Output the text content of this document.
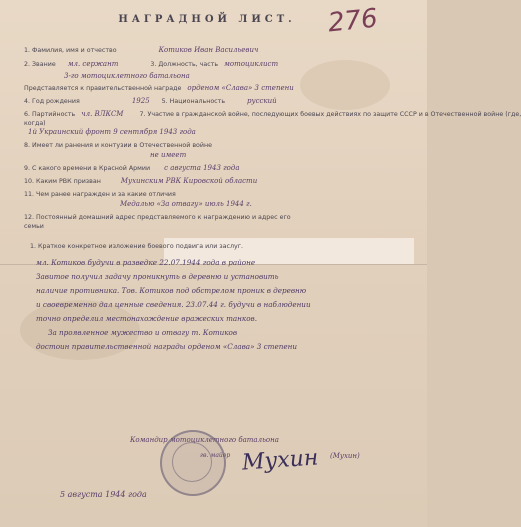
НАГРАДНОЙ ЛИСТ. 276
1. Фамилия, имя и отчество	Котиков Иван Васильевич
2. Звание мл. сержант	3. Должность, часть мотоциклист
3-го мотоциклетного батальона
Представляется к правительственной награде орденом «Слава» 3 степени
4. Год рождения	1925 5. Национальность	русский
6. Партийность чл. ВЛКСМ	7. Участие в гражданской войне, последующих боевых действиях по защите СССР и в Отечественной войне (где,
когда)
1й Украинский фронт 9 сентября 1943 года
8. Имеет ли ранения и контузии в Отечественной войне
не имеет
9. С какого времени в Красной Армии с августа 1943 года
10. Каким РВК призван	Мухинским РВК Кировской области
11. Чем ранее награжден и за какие отличия
Медалью «За отвагу» июль 1944 г.
12. Постоянный домашний адрес представляемого к награждению и адрес его
семьи
1. Краткое конкретное изложение боевого подвига или заслуг.
мл. Котиков будучи в разведке 22.07.1944 года в районе
Завитое получил задачу проникнуть в деревню и установить
наличие противника. Тов. Котиков под обстрелом проник в деревню
и своевременно дал ценные сведения. 23.07.44 г. будучи в наблюдении
точно определил местонахождение вражеских танков.
За проявленное мужество и отвагу т. Котиков
достоин правительственной награды орденом «Слава» 3 степени
Командир мотоциклетного батальона
гв. майор	(Мухин)
Мухин
5 августа 1944 года
